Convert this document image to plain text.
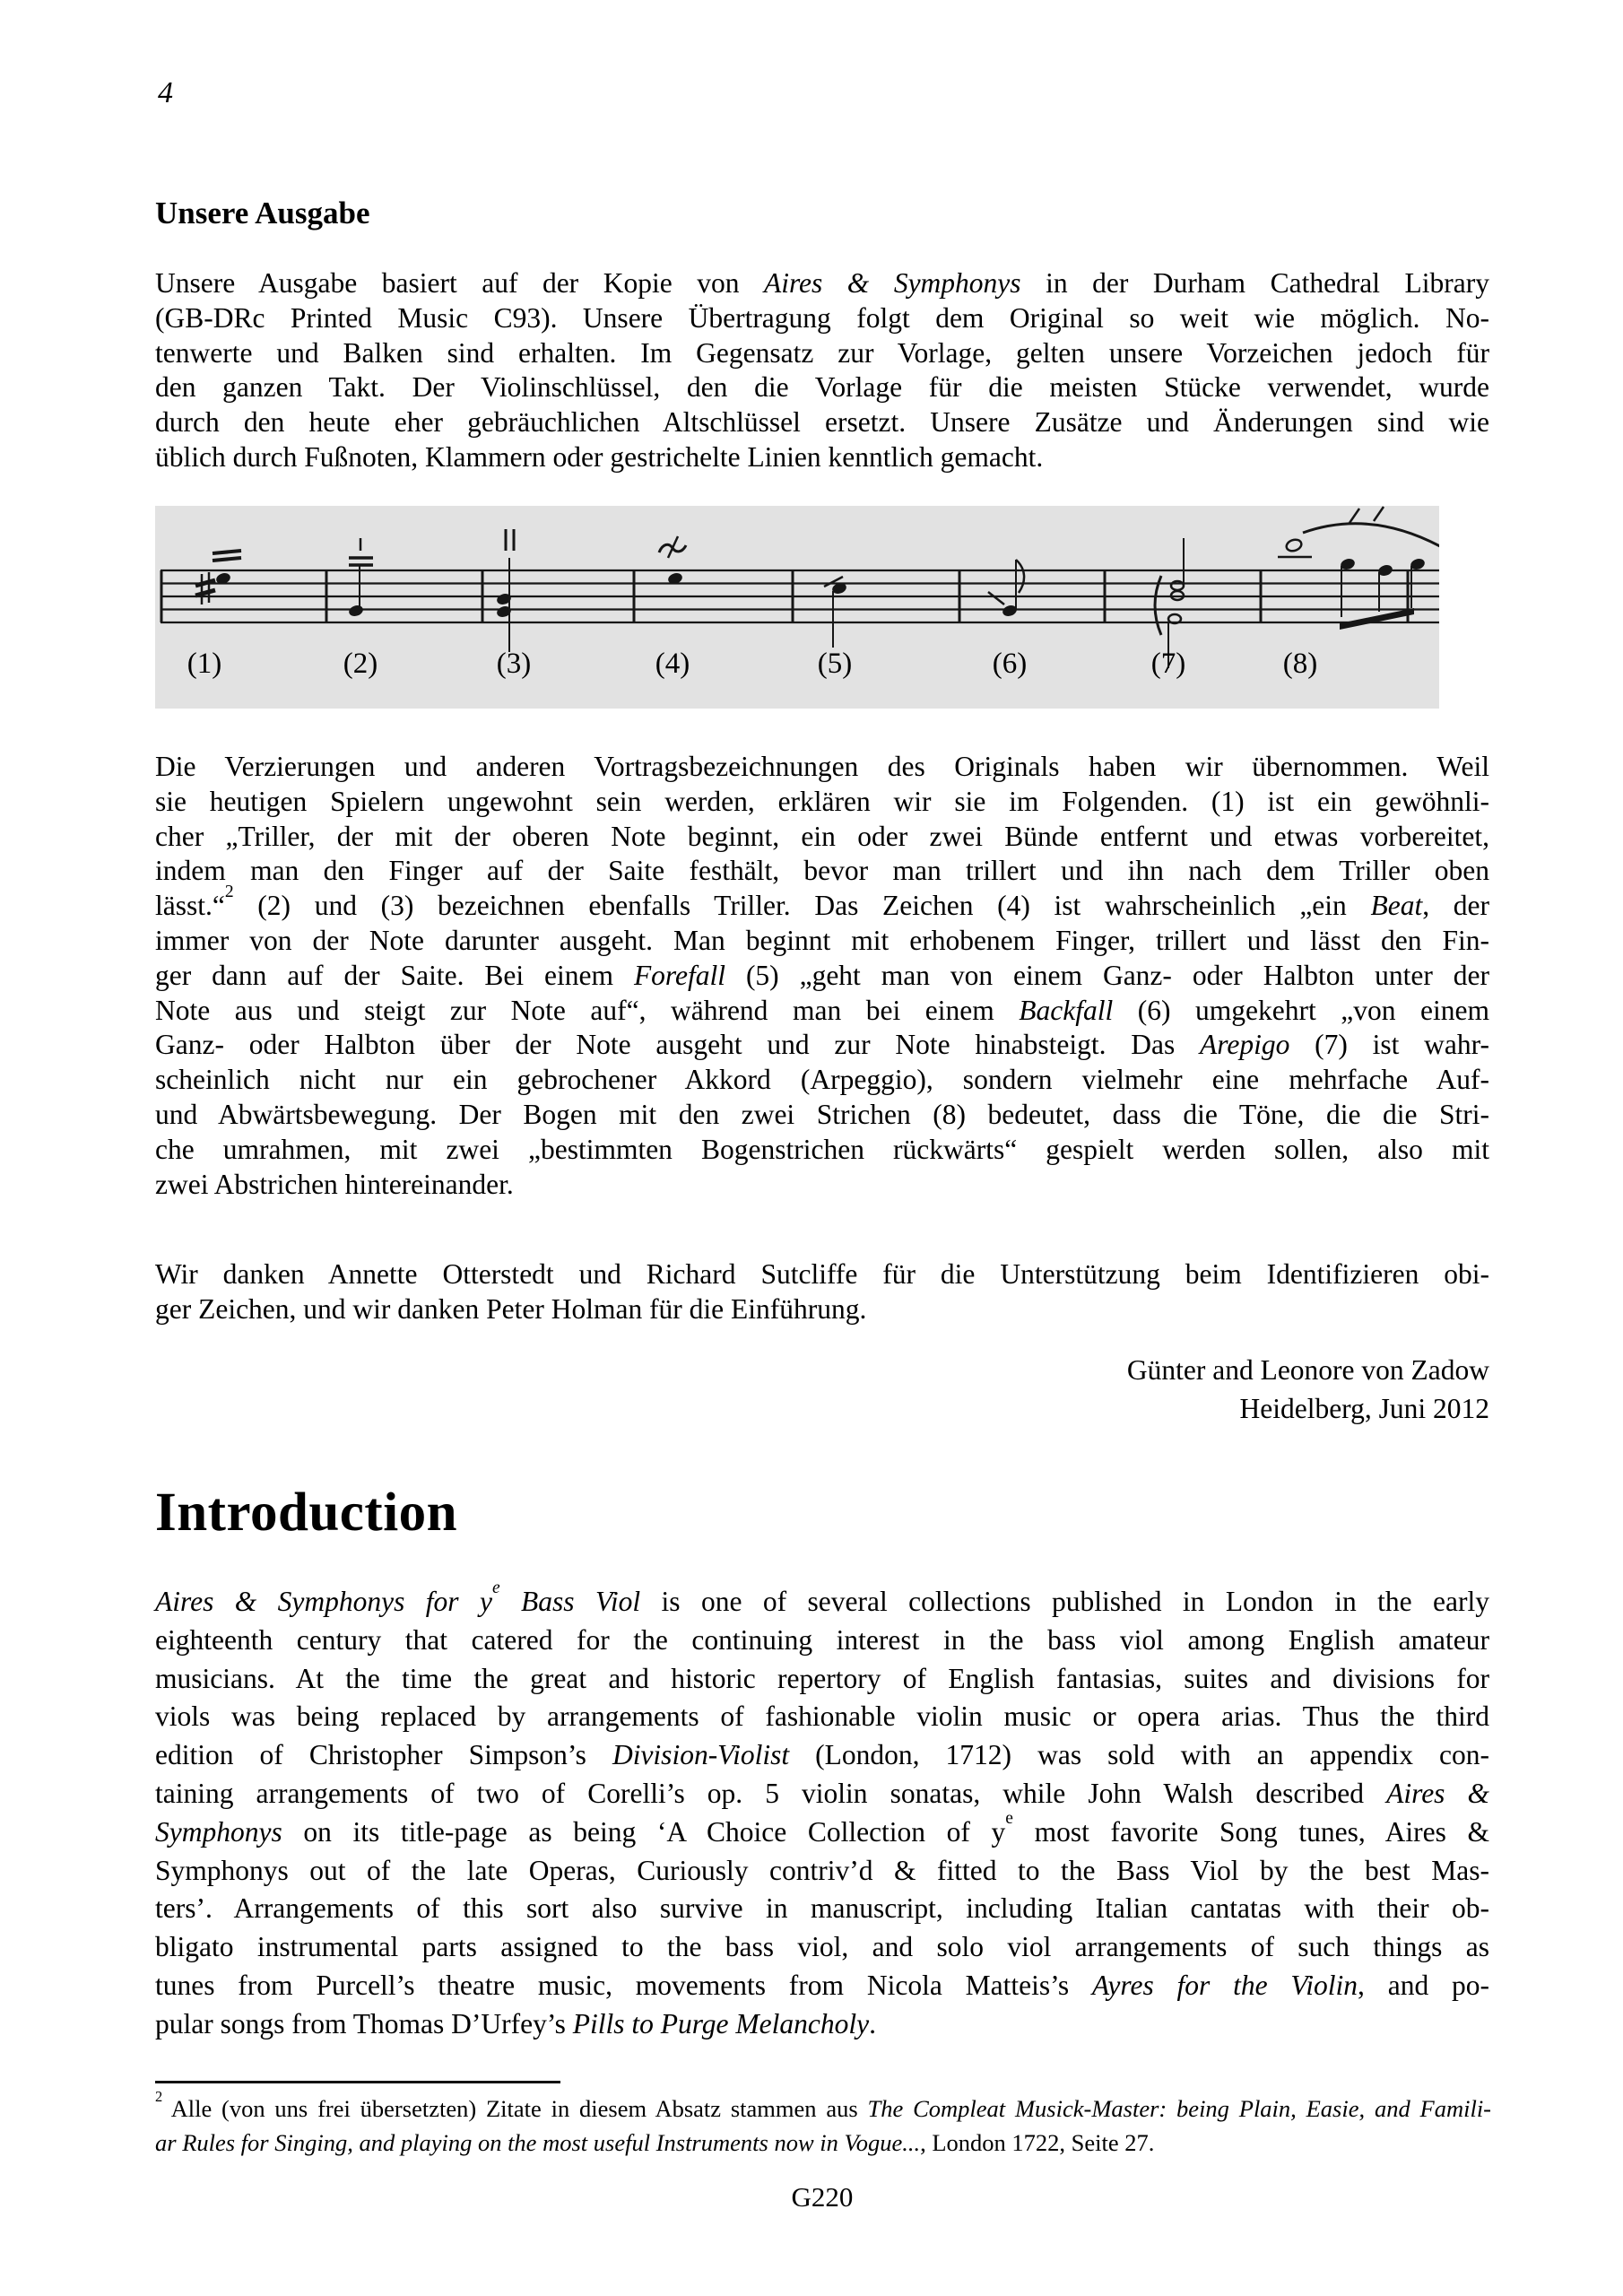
4
Unsere Ausgabe
Unsere Ausgabe basiert auf der Kopie von Aires & Symphonys in der Durham Cathedral Library
(GB-DRc Printed Music C93). Unsere Übertragung folgt dem Original so weit wie möglich. No-
tenwerte und Balken sind erhalten. Im Gegensatz zur Vorlage, gelten unsere Vorzeichen jedoch für
den ganzen Takt. Der Violinschlüssel, den die Vorlage für die meisten Stücke verwendet, wurde
durch den heute eher gebräuchlichen Altschlüssel ersetzt. Unsere Zusätze und Änderungen sind wie
üblich durch Fußnoten, Klammern oder gestrichelte Linien kenntlich gemacht.
(1)	(2)	(3)	(4)	(5)	(6)	(7)	(8)
Die Verzierungen und anderen Vortragsbezeichnungen des Originals haben wir übernommen. Weil
sie heutigen Spielern ungewohnt sein werden, erklären wir sie im Folgenden. (1) ist ein gewöhnli-
cher „Triller, der mit der oberen Note beginnt, ein oder zwei Bünde entfernt und etwas vorbereitet,
indem man den Finger auf der Saite festhält, bevor man trillert und ihn nach dem Triller oben
lässt.“$^2$ (2) und (3) bezeichnen ebenfalls Triller. Das Zeichen (4) ist wahrscheinlich „ein Beat, der
immer von der Note darunter ausgeht. Man beginnt mit erhobenem Finger, trillert und lässt den Fin-
ger dann auf der Saite. Bei einem Forefall (5) „geht man von einem Ganz- oder Halbton unter der
Note aus und steigt zur Note auf“, während man bei einem Backfall (6) umgekehrt „von einem
Ganz- oder Halbton über der Note ausgeht und zur Note hinabsteigt. Das Arepigo (7) ist wahr-
scheinlich nicht nur ein gebrochener Akkord (Arpeggio), sondern vielmehr eine mehrfache Auf-
und Abwärtsbewegung. Der Bogen mit den zwei Strichen (8) bedeutet, dass die Töne, die die Stri-
che umrahmen, mit zwei „bestimmten Bogenstrichen rückwärts“ gespielt werden sollen, also mit
zwei Abstrichen hintereinander.
Wir danken Annette Otterstedt und Richard Sutcliffe für die Unterstützung beim Identifizieren obi-
ger Zeichen, und wir danken Peter Holman für die Einführung.
Günter and Leonore von Zadow
Heidelberg, Juni 2012
Introduction
Aires & Symphonys for $y^e$ Bass Viol is one of several collections published in London in the early
eighteenth century that catered for the continuing interest in the bass viol among English amateur
musicians. At the time the great and historic repertory of English fantasias, suites and divisions for
viols was being replaced by arrangements of fashionable violin music or opera arias. Thus the third
edition of Christopher Simpson’s Division-Violist (London, 1712) was sold with an appendix con-
taining arrangements of two of Corelli’s op. 5 violin sonatas, while John Walsh described Aires &
Symphonys on its title-page as being ‘A Choice Collection of $y^e$ most favorite Song tunes, Aires &
Symphonys out of the late Operas, Curiously contriv’d & fitted to the Bass Viol by the best Mas-
ters’. Arrangements of this sort also survive in manuscript, including Italian cantatas with their ob-
bligato instrumental parts assigned to the bass viol, and solo viol arrangements of such things as
tunes from Purcell’s theatre music, movements from Nicola Matteis’s Ayres for the Violin, and po-
pular songs from Thomas D’Urfey’s Pills to Purge Melancholy.
$^2$ Alle (von uns frei übersetzten) Zitate in diesem Absatz stammen aus The Compleat Musick-Master: being Plain, Easie, and Famili-
ar Rules for Singing, and playing on the most useful Instruments now in Vogue..., London 1722, Seite 27.
G220
